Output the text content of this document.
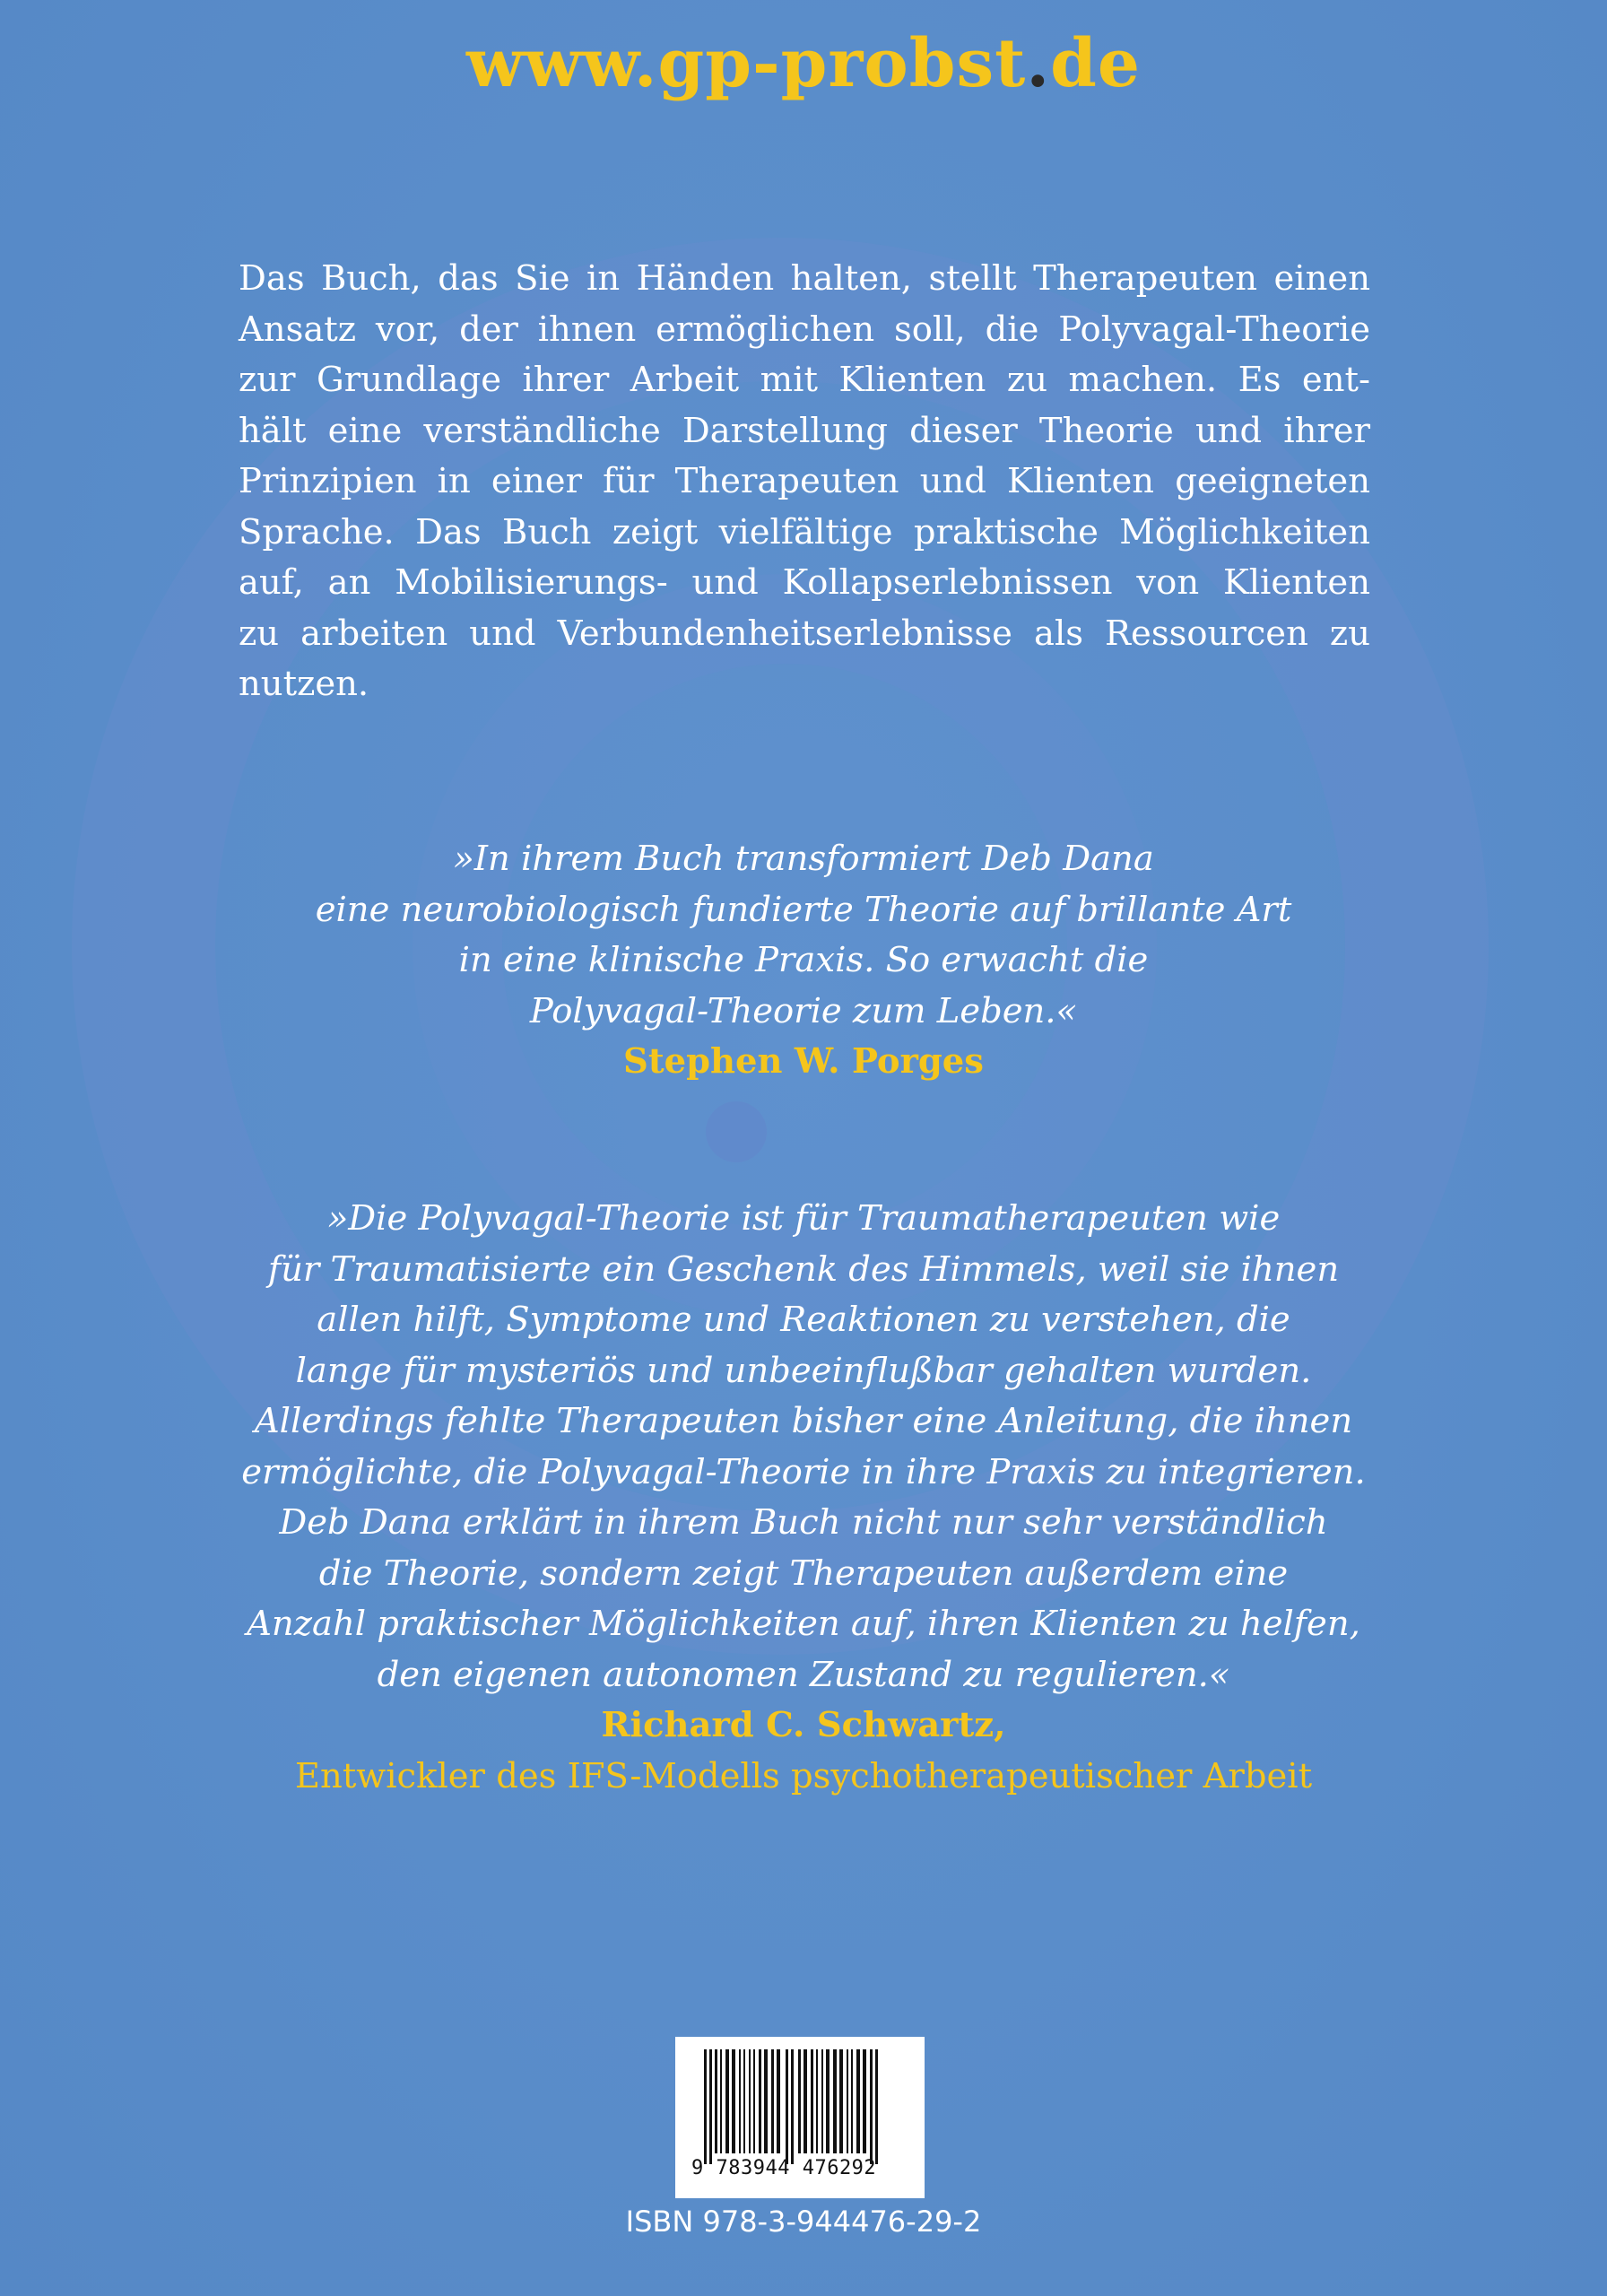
www.gp-probst.de
Das Buch, das Sie in Händen halten, stellt Therapeuten einen
Ansatz vor, der ihnen ermöglichen soll, die Polyvagal-Theorie
zur Grundlage ihrer Arbeit mit Klienten zu machen. Es ent-
hält eine verständliche Darstellung dieser Theorie und ihrer
Prinzipien in einer für Therapeuten und Klienten geeigneten
Sprache. Das Buch zeigt vielfältige praktische Möglichkeiten
auf, an Mobilisierungs- und Kollapserlebnissen von Klienten
zu arbeiten und Verbundenheitserlebnisse als Ressourcen zu
nutzen.
»In ihrem Buch transformiert Deb Dana
eine neurobiologisch fundierte Theorie auf brillante Art
in eine klinische Praxis. So erwacht die
Polyvagal-Theorie zum Leben.«
Stephen W. Porges
»Die Polyvagal-Theorie ist für Traumatherapeuten wie
für Traumatisierte ein Geschenk des Himmels, weil sie ihnen
allen hilft, Symptome und Reaktionen zu verstehen, die
lange für mysteriös und unbeeinflußbar gehalten wurden.
Allerdings fehlte Therapeuten bisher eine Anleitung, die ihnen
ermöglichte, die Polyvagal-Theorie in ihre Praxis zu integrieren.
Deb Dana erklärt in ihrem Buch nicht nur sehr verständlich
die Theorie, sondern zeigt Therapeuten außerdem eine
Anzahl praktischer Möglichkeiten auf, ihren Klienten zu helfen,
den eigenen autonomen Zustand zu regulieren.«
Richard C. Schwartz,
Entwickler des IFS-Modells psychotherapeutischer Arbeit
9 783944 476292
ISBN 978-3-944476-29-2
